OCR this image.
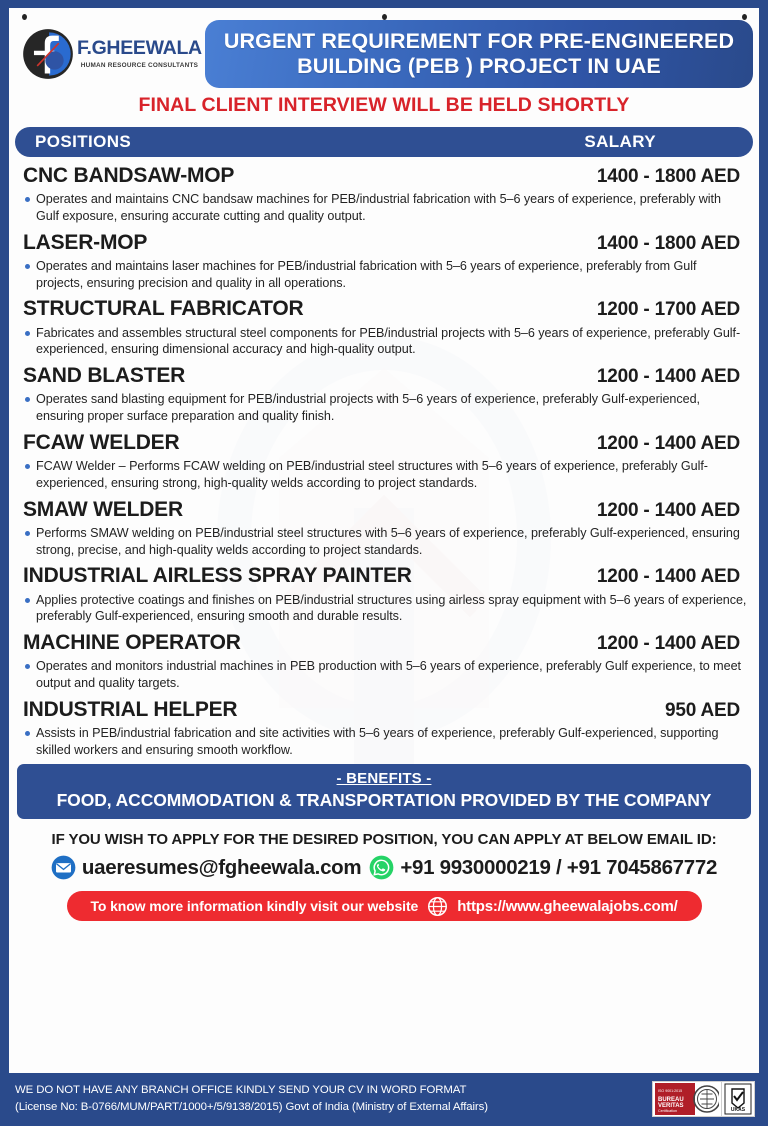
F.GHEEWALA
HUMAN RESOURCE CONSULTANTS
URGENT REQUIREMENT FOR PRE-ENGINEERED BUILDING (PEB ) PROJECT IN UAE
FINAL CLIENT INTERVIEW WILL BE HELD SHORTLY
POSITIONS	SALARY
CNC BANDSAW-MOP	1400 - 1800 AED
Operates and maintains CNC bandsaw machines for PEB/industrial fabrication with 5–6 years of experience, preferably with Gulf exposure, ensuring accurate cutting and quality output.
LASER-MOP	1400 - 1800 AED
Operates and maintains laser machines for PEB/industrial fabrication with 5–6 years of experience, preferably from Gulf projects, ensuring precision and quality in all operations.
STRUCTURAL FABRICATOR	1200 - 1700 AED
Fabricates and assembles structural steel components for PEB/industrial projects with 5–6 years of experience, preferably Gulf-experienced, ensuring dimensional accuracy and high-quality output.
SAND BLASTER	1200 - 1400 AED
Operates sand blasting equipment for PEB/industrial projects with 5–6 years of experience, preferably Gulf-experienced, ensuring proper surface preparation and quality finish.
FCAW WELDER	1200 - 1400 AED
FCAW Welder – Performs FCAW welding on PEB/industrial steel structures with 5–6 years of experience, preferably Gulf-experienced, ensuring strong, high-quality welds according to project standards.
SMAW WELDER	1200 - 1400 AED
Performs SMAW welding on PEB/industrial steel structures with 5–6 years of experience, preferably Gulf-experienced, ensuring strong, precise, and high-quality welds according to project standards.
INDUSTRIAL AIRLESS SPRAY PAINTER	1200 - 1400 AED
Applies protective coatings and finishes on PEB/industrial structures using airless spray equipment with 5–6 years of experience, preferably Gulf-experienced, ensuring smooth and durable results.
MACHINE OPERATOR	1200 - 1400 AED
Operates and monitors industrial machines in PEB production with 5–6 years of experience, preferably Gulf experience, to meet output and quality targets.
INDUSTRIAL HELPER	950 AED
Assists in PEB/industrial fabrication and site activities with 5–6 years of experience, preferably Gulf-experienced, supporting skilled workers and ensuring smooth workflow.
- BENEFITS -
FOOD, ACCOMMODATION & TRANSPORTATION PROVIDED BY THE COMPANY
IF YOU WISH TO APPLY FOR THE DESIRED POSITION, YOU CAN APPLY AT BELOW EMAIL ID:
uaeresumes@fgheewala.com +91 9930000219 / +91 7045867772
To know more information kindly visit our website	https://www.gheewalajobs.com/
WE DO NOT HAVE ANY BRANCH OFFICE KINDLY SEND YOUR CV IN WORD FORMAT
(License No: B-0766/MUM/PART/1000+/5/9138/2015) Govt of India (Ministry of External Affairs)
ISO 9001:2015
BUREAU
VERITAS
Certification	UKAS
